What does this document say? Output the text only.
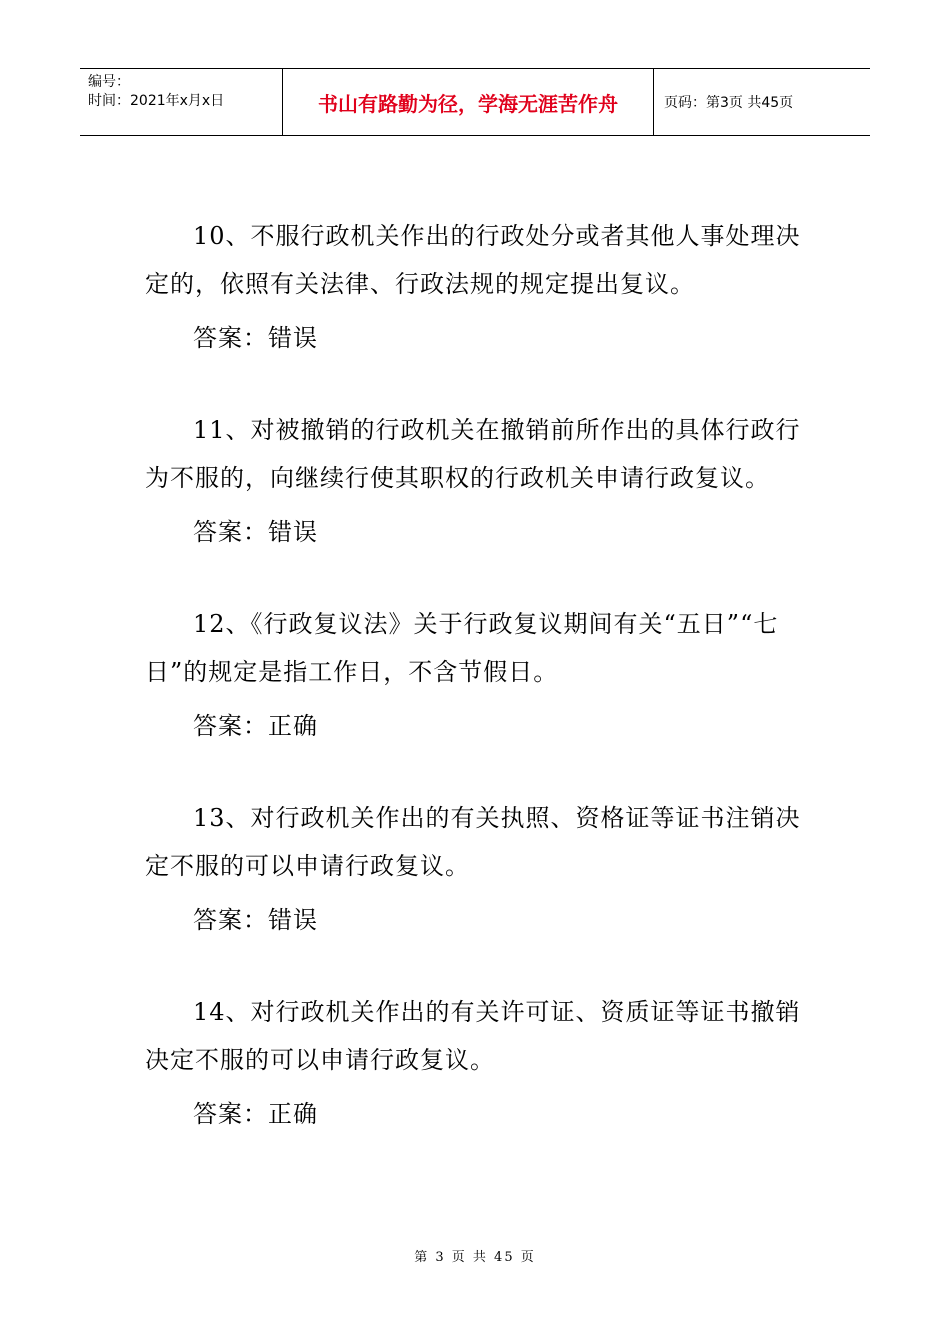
编号：
时间：2021年x月x日	书山有路勤为径，学海无涯苦作舟	页码：第3页 共45页

10、不服行政机关作出的行政处分或者其他人事处理决定的，依照有关法律、行政法规的规定提出复议。

答案：错误

11、对被撤销的行政机关在撤销前所作出的具体行政行为不服的，向继续行使其职权的行政机关申请行政复议。

答案：错误

12、《行政复议法》关于行政复议期间有关“五日”“七日”的规定是指工作日，不含节假日。

答案：正确

13、对行政机关作出的有关执照、资格证等证书注销决定不服的可以申请行政复议。

答案：错误

14、对行政机关作出的有关许可证、资质证等证书撤销决定不服的可以申请行政复议。

答案：正确

第 3 页 共 45 页
